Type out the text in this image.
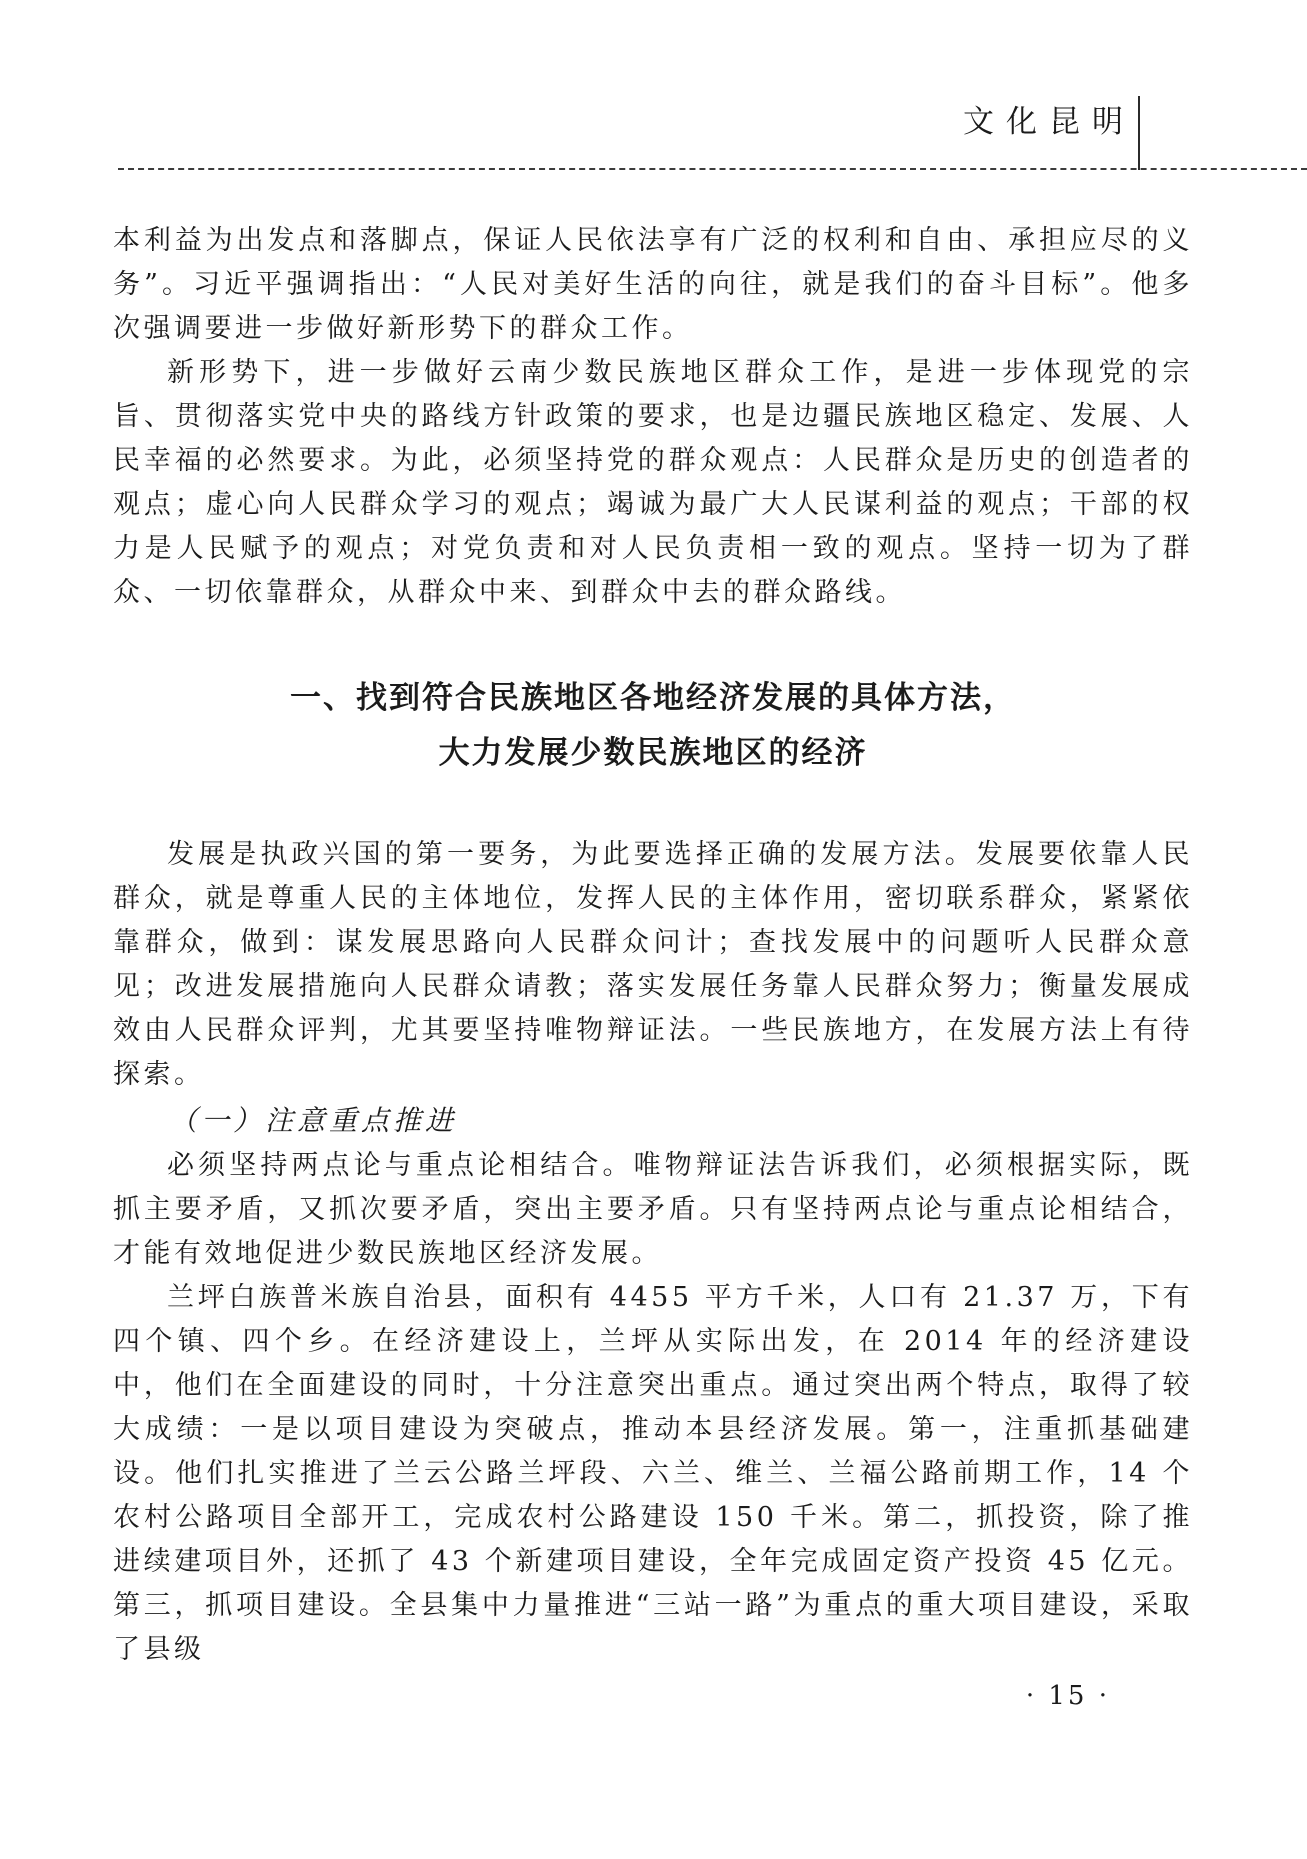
文化昆明

本利益为出发点和落脚点，保证人民依法享有广泛的权利和自由、承担应尽的义务”。习近平强调指出：“人民对美好生活的向往，就是我们的奋斗目标”。他多次强调要进一步做好新形势下的群众工作。

新形势下，进一步做好云南少数民族地区群众工作，是进一步体现党的宗旨、贯彻落实党中央的路线方针政策的要求，也是边疆民族地区稳定、发展、人民幸福的必然要求。为此，必须坚持党的群众观点：人民群众是历史的创造者的观点；虚心向人民群众学习的观点；竭诚为最广大人民谋利益的观点；干部的权力是人民赋予的观点；对党负责和对人民负责相一致的观点。坚持一切为了群众、一切依靠群众，从群众中来、到群众中去的群众路线。

一、找到符合民族地区各地经济发展的具体方法，
大力发展少数民族地区的经济

发展是执政兴国的第一要务，为此要选择正确的发展方法。发展要依靠人民群众，就是尊重人民的主体地位，发挥人民的主体作用，密切联系群众，紧紧依靠群众，做到：谋发展思路向人民群众问计；查找发展中的问题听人民群众意见；改进发展措施向人民群众请教；落实发展任务靠人民群众努力；衡量发展成效由人民群众评判，尤其要坚持唯物辩证法。一些民族地方，在发展方法上有待探索。

（一）注意重点推进

必须坚持两点论与重点论相结合。唯物辩证法告诉我们，必须根据实际，既抓主要矛盾，又抓次要矛盾，突出主要矛盾。只有坚持两点论与重点论相结合，才能有效地促进少数民族地区经济发展。

兰坪白族普米族自治县，面积有 4455 平方千米，人口有 21.37 万，下有四个镇、四个乡。在经济建设上，兰坪从实际出发，在 2014 年的经济建设中，他们在全面建设的同时，十分注意突出重点。通过突出两个特点，取得了较大成绩：一是以项目建设为突破点，推动本县经济发展。第一，注重抓基础建设。他们扎实推进了兰云公路兰坪段、六兰、维兰、兰福公路前期工作，14 个农村公路项目全部开工，完成农村公路建设 150 千米。第二，抓投资，除了推进续建项目外，还抓了 43 个新建项目建设，全年完成固定资产投资 45 亿元。第三，抓项目建设。全县集中力量推进“三站一路”为重点的重大项目建设，采取了县级

· 15 ·
